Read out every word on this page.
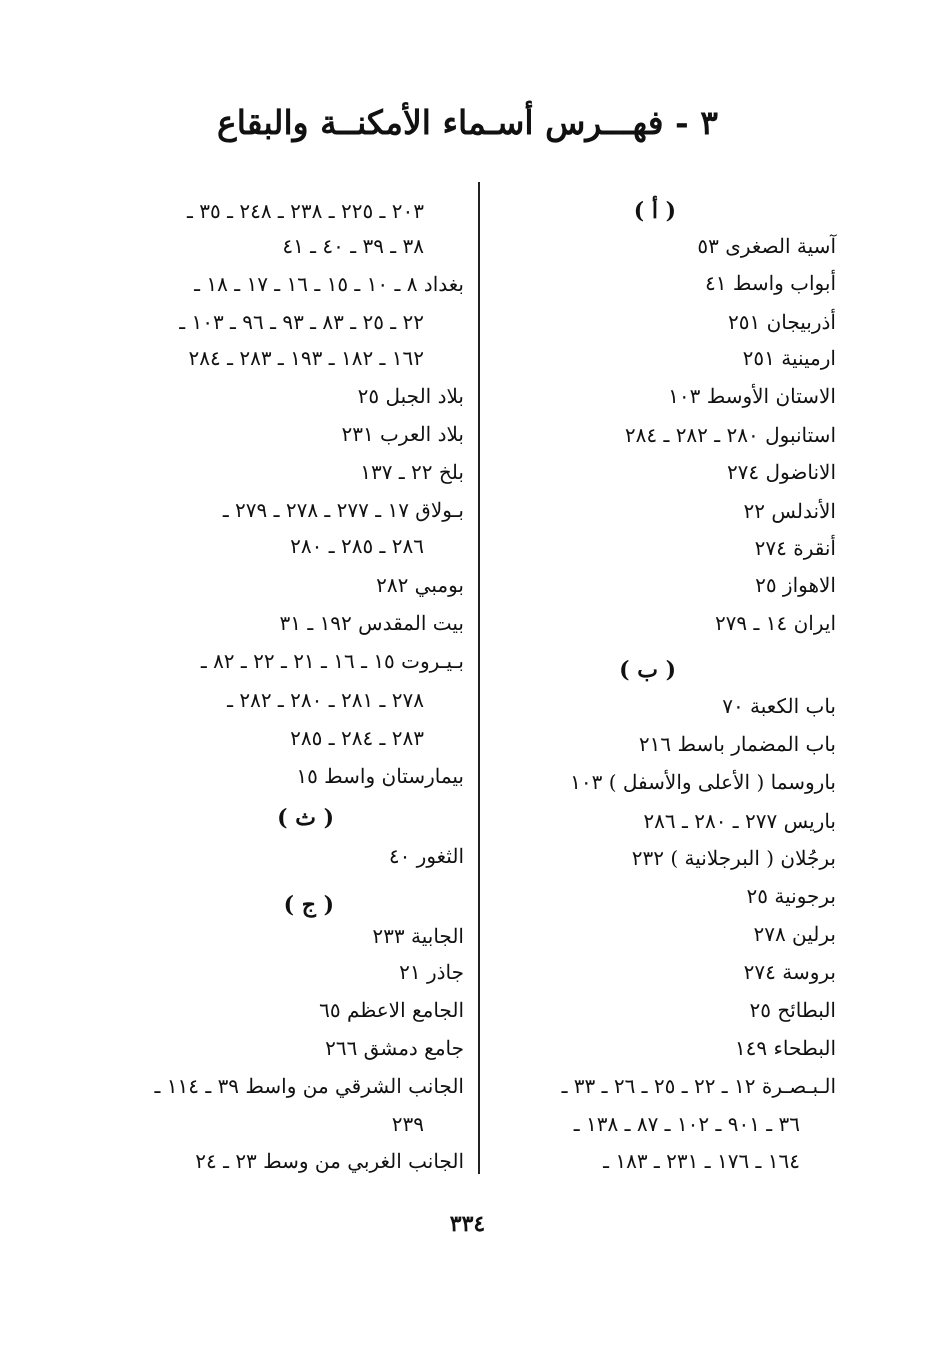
٣ - فهـــرس أسـماء الأمكنــة والبقاع
( أ )
آسية الصغرى ٥٣
أبواب واسط ٤١
أذربيجان ٢٥١
ارمينية ٢٥١
الاستان الأوسط ١٠٣
استانبول ٢٨٠ ـ ٢٨٢ ـ ٢٨٤
الاناضول ٢٧٤
الأندلس ٢٢
أنقرة ٢٧٤
الاهواز ٢٥
ايران ١٤ ـ ٢٧٩
( ب )
باب الكعبة ٧٠
باب المضمار باسط ٢١٦
باروسما ( الأعلى والأسفل ) ١٠٣
باريس ٢٧٧ ـ ٢٨٠ ـ ٢٨٦
برجُلان ( البرجلانية ) ٢٣٢
برجونية ٢٥
برلين ٢٧٨
بروسة ٢٧٤
البطائح ٢٥
البطحاء ١٤٩
الـبـصـرة ١٢ ـ ٢٢ ـ ٢٥ ـ ٢٦ ـ ٣٣ ـ
٣٦ ـ ٩٠١ ـ ١٠٢ ـ ٨٧ ـ ١٣٨ ـ
١٦٤ ـ ١٧٦ ـ ٢٣١ ـ ١٨٣ ـ
٢٠٣ ـ ٢٢٥ ـ ٢٣٨ ـ ٢٤٨ ـ ٣٥ ـ
٣٨ ـ ٣٩ ـ ٤٠ ـ ٤١
بغداد ٨ ـ ١٠ ـ ١٥ ـ ١٦ ـ ١٧ ـ ١٨ ـ
٢٢ ـ ٢٥ ـ ٨٣ ـ ٩٣ ـ ٩٦ ـ ١٠٣ ـ
١٦٢ ـ ١٨٢ ـ ١٩٣ ـ ٢٨٣ ـ ٢٨٤
بلاد الجبل ٢٥
بلاد العرب ٢٣١
بلخ ٢٢ ـ ١٣٧
بـولاق ١٧ ـ ٢٧٧ ـ ٢٧٨ ـ ٢٧٩ ـ
٢٨٦ ـ ٢٨٥ ـ ٢٨٠
بومبي ٢٨٢
بيت المقدس ١٩٢ ـ ٣١
بـيـروت ١٥ ـ ١٦ ـ ٢١ ـ ٢٢ ـ ٨٢ ـ
٢٧٨ ـ ٢٨١ ـ ٢٨٠ ـ ٢٨٢ ـ
٢٨٣ ـ ٢٨٤ ـ ٢٨٥
بيمارستان واسط ١٥
( ث )
الثغور ٤٠
( ج )
الجابية ٢٣٣
جاذر ٢١
الجامع الاعظم ٦٥
جامع دمشق ٢٦٦
الجانب الشرقي من واسط ٣٩ ـ ١١٤ ـ
٢٣٩
الجانب الغربي من وسط ٢٣ ـ ٢٤
٣٣٤
